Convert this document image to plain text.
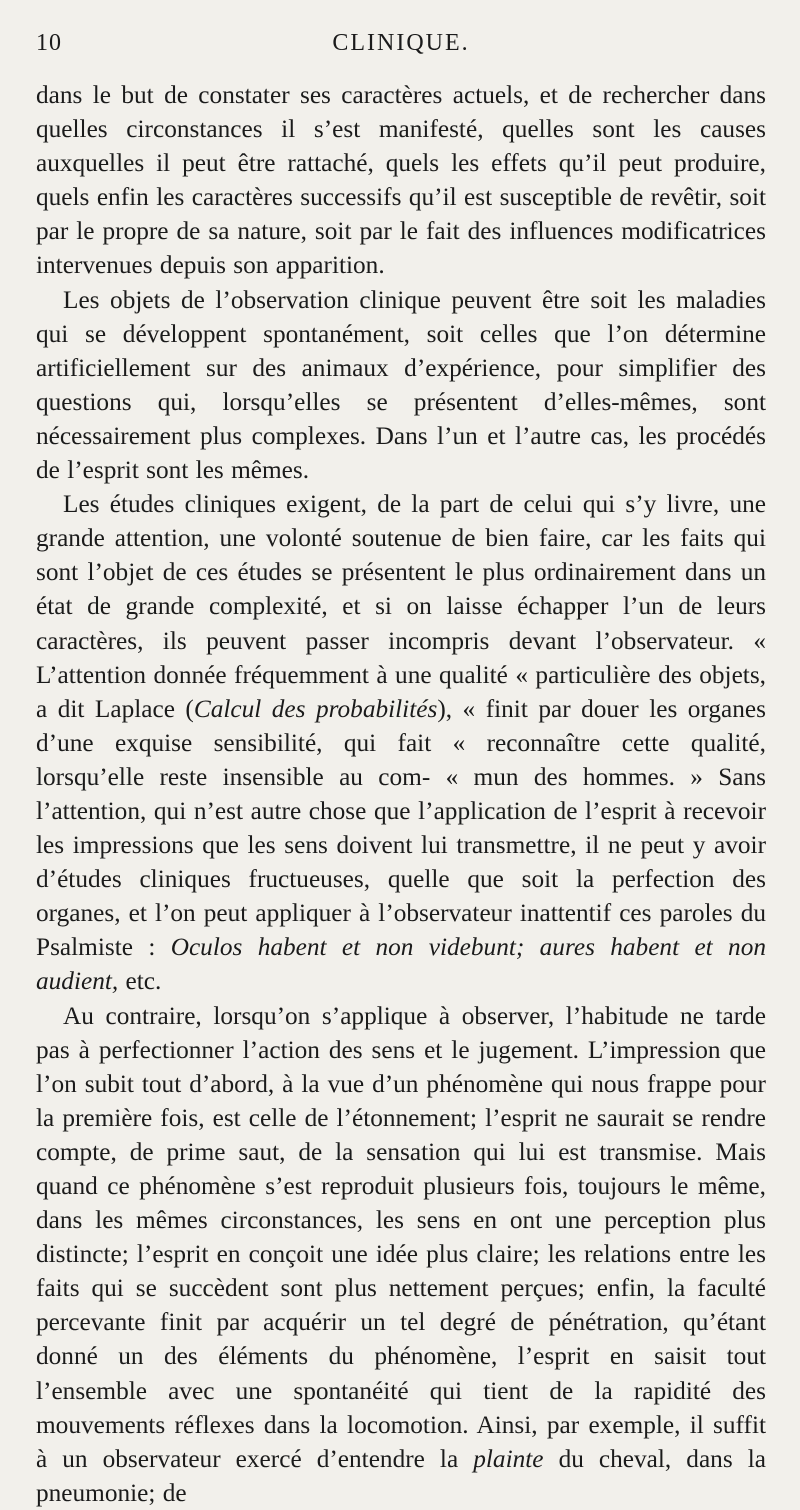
10	CLINIQUE.

dans le but de constater ses caractères actuels, et de rechercher dans quelles circonstances il s’est manifesté, quelles sont les causes auxquelles il peut être rattaché, quels les effets qu’il peut produire, quels enfin les caractères successifs qu’il est susceptible de revêtir, soit par le propre de sa nature, soit par le fait des influences modificatrices intervenues depuis son apparition.

Les objets de l’observation clinique peuvent être soit les maladies qui se développent spontanément, soit celles que l’on détermine artificiellement sur des animaux d’expérience, pour simplifier des questions qui, lorsqu’elles se présentent d’elles-mêmes, sont nécessairement plus complexes. Dans l’un et l’autre cas, les procédés de l’esprit sont les mêmes.

Les études cliniques exigent, de la part de celui qui s’y livre, une grande attention, une volonté soutenue de bien faire, car les faits qui sont l’objet de ces études se présentent le plus ordinairement dans un état de grande complexité, et si on laisse échapper l’un de leurs caractères, ils peuvent passer incompris devant l’observateur. « L’attention donnée fréquemment à une qualité « particulière des objets, a dit Laplace (Calcul des probabilités), « finit par douer les organes d’une exquise sensibilité, qui fait « reconnaître cette qualité, lorsqu’elle reste insensible au com- « mun des hommes. » Sans l’attention, qui n’est autre chose que l’application de l’esprit à recevoir les impressions que les sens doivent lui transmettre, il ne peut y avoir d’études cliniques fructueuses, quelle que soit la perfection des organes, et l’on peut appliquer à l’observateur inattentif ces paroles du Psalmiste : Oculos habent et non videbunt; aures habent et non audient, etc.

Au contraire, lorsqu’on s’applique à observer, l’habitude ne tarde pas à perfectionner l’action des sens et le jugement. L’impression que l’on subit tout d’abord, à la vue d’un phénomène qui nous frappe pour la première fois, est celle de l’étonnement; l’esprit ne saurait se rendre compte, de prime saut, de la sensation qui lui est transmise. Mais quand ce phénomène s’est reproduit plusieurs fois, toujours le même, dans les mêmes circonstances, les sens en ont une perception plus distincte; l’esprit en conçoit une idée plus claire; les relations entre les faits qui se succèdent sont plus nettement perçues; enfin, la faculté percevante finit par acquérir un tel degré de pénétration, qu’étant donné un des éléments du phénomène, l’esprit en saisit tout l’ensemble avec une spontanéité qui tient de la rapidité des mouvements réflexes dans la locomotion. Ainsi, par exemple, il suffit à un observateur exercé d’entendre la plainte du cheval, dans la pneumonie; de
